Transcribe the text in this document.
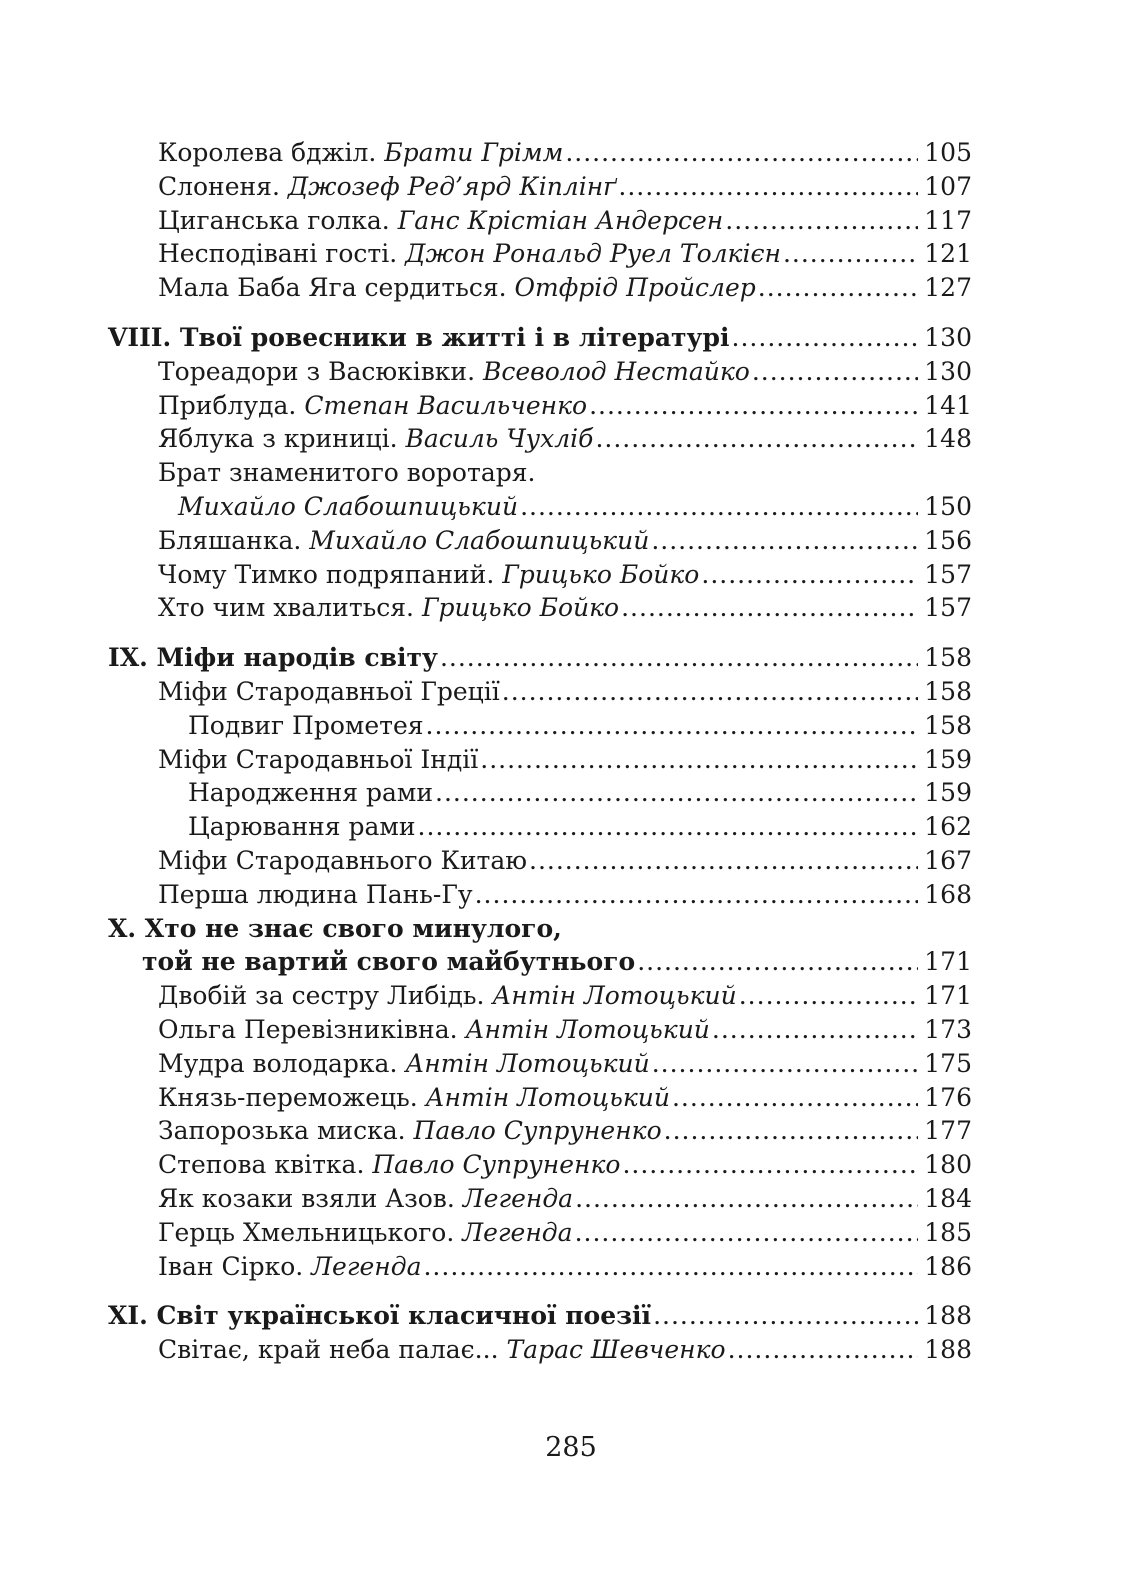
Королева бджіл. Брати Грімм .....	105
Слоненя. Джозеф Ред’ярд Кіплінґ .....	107
Циганська голка. Ганс Крістіан Андерсен .....	117
Несподівані гості. Джон Рональд Руел Толкієн .....	121
Мала Баба Яга сердиться. Отфрід Пройслер .....	127
VIII. Твої ровесники в житті і в літературі .....	130
Тореадори з Васюківки. Всеволод Нестайко .....	130
Приблуда. Степан Васильченко .....	141
Яблука з криниці. Василь Чухліб .....	148
Брат знаменитого воротаря.
Михайло Слабошпицький .....	150
Бляшанка. Михайло Слабошпицький .....	156
Чому Тимко подряпаний. Грицько Бойко .....	157
Хто чим хвалиться. Грицько Бойко .....	157
IX. Міфи народів світу .....	158
Міфи Стародавньої Греції .....	158
Подвиг Прометея .....	158
Міфи Стародавньої Індії .....	159
Народження рами .....	159
Царювання рами .....	162
Міфи Стародавнього Китаю .....	167
Перша людина Пань-Гу .....	168
X. Хто не знає свого минулого,
той не вартий свого майбутнього .....	171
Двобій за сестру Либідь. Антін Лотоцький .....	171
Ольга Перевізниківна. Антін Лотоцький .....	173
Мудра володарка. Антін Лотоцький .....	175
Князь-переможець. Антін Лотоцький .....	176
Запорозька миска. Павло Супруненко .....	177
Степова квітка. Павло Супруненко .....	180
Як козаки взяли Азов. Легенда .....	184
Герць Хмельницького. Легенда .....	185
Іван Сірко. Легенда .....	186
XI. Світ української класичної поезії .....	188
Світає, край неба палає... Тарас Шевченко .....	188
285
